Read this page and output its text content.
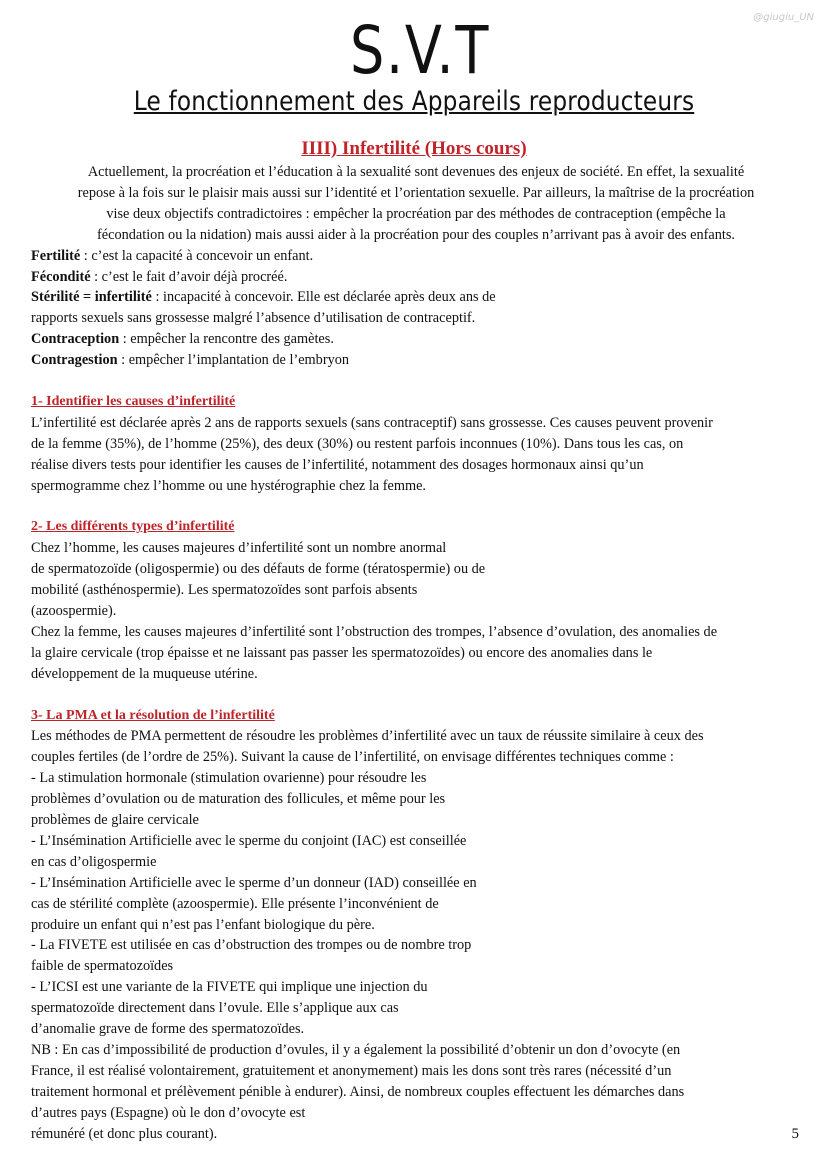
@giugiu_UN
S.V.T
Le fonctionnement des Appareils reproducteurs
IIII) Infertilité (Hors cours)

Actuellement, la procréation et l’éducation à la sexualité sont devenues des enjeux de société. En effet, la sexualité

repose à la fois sur le plaisir mais aussi sur l’identité et l’orientation sexuelle. Par ailleurs, la maîtrise de la procréation

vise deux objectifs contradictoires : empêcher la procréation par des méthodes de contraception (empêche la

fécondation ou la nidation) mais aussi aider à la procréation pour des couples n’arrivant pas à avoir des enfants.

Fertilité : c’est la capacité à concevoir un enfant.

Fécondité : c’est le fait d’avoir déjà procréé.

Stérilité = infertilité : incapacité à concevoir. Elle est déclarée après deux ans de

rapports sexuels sans grossesse malgré l’absence d’utilisation de contraceptif.

Contraception : empêcher la rencontre des gamètes.

Contragestion : empêcher l’implantation de l’embryon

1- Identifier les causes d’infertilité

L’infertilité est déclarée après 2 ans de rapports sexuels (sans contraceptif) sans grossesse. Ces causes peuvent provenir

de la femme (35%), de l’homme (25%), des deux (30%) ou restent parfois inconnues (10%). Dans tous les cas, on

réalise divers tests pour identifier les causes de l’infertilité, notamment des dosages hormonaux ainsi qu’un

spermogramme chez l’homme ou une hystérographie chez la femme.

2- Les différents types d’infertilité

Chez l’homme, les causes majeures d’infertilité sont un nombre anormal

de spermatozoïde (oligospermie) ou des défauts de forme (tératospermie) ou de

mobilité (asthénospermie). Les spermatozoïdes sont parfois absents

(azoospermie).

Chez la femme, les causes majeures d’infertilité sont l’obstruction des trompes, l’absence d’ovulation, des anomalies de

la glaire cervicale (trop épaisse et ne laissant pas passer les spermatozoïdes) ou encore des anomalies dans le

développement de la muqueuse utérine.

3- La PMA et la résolution de l’infertilité

Les méthodes de PMA permettent de résoudre les problèmes d’infertilité avec un taux de réussite similaire à ceux des

couples fertiles (de l’ordre de 25%). Suivant la cause de l’infertilité, on envisage différentes techniques comme :

- La stimulation hormonale (stimulation ovarienne) pour résoudre les

problèmes d’ovulation ou de maturation des follicules, et même pour les

problèmes de glaire cervicale

- L’Insémination Artificielle avec le sperme du conjoint (IAC) est conseillée

en cas d’oligospermie

- L’Insémination Artificielle avec le sperme d’un donneur (IAD) conseillée en

cas de stérilité complète (azoospermie). Elle présente l’inconvénient de

produire un enfant qui n’est pas l’enfant biologique du père.

- La FIVETE est utilisée en cas d’obstruction des trompes ou de nombre trop

faible de spermatozoïdes

- L’ICSI est une variante de la FIVETE qui implique une injection du

spermatozoïde directement dans l’ovule. Elle s’applique aux cas

d’anomalie grave de forme des spermatozoïdes.

NB : En cas d’impossibilité de production d’ovules, il y a également la possibilité d’obtenir un don d’ovocyte (en

France, il est réalisé volontairement, gratuitement et anonymement) mais les dons sont très rares (nécessité d’un

traitement hormonal et prélèvement pénible à endurer). Ainsi, de nombreux couples effectuent les démarches dans

d’autres pays (Espagne) où le don d’ovocyte est

rémunéré (et donc plus courant).	5
